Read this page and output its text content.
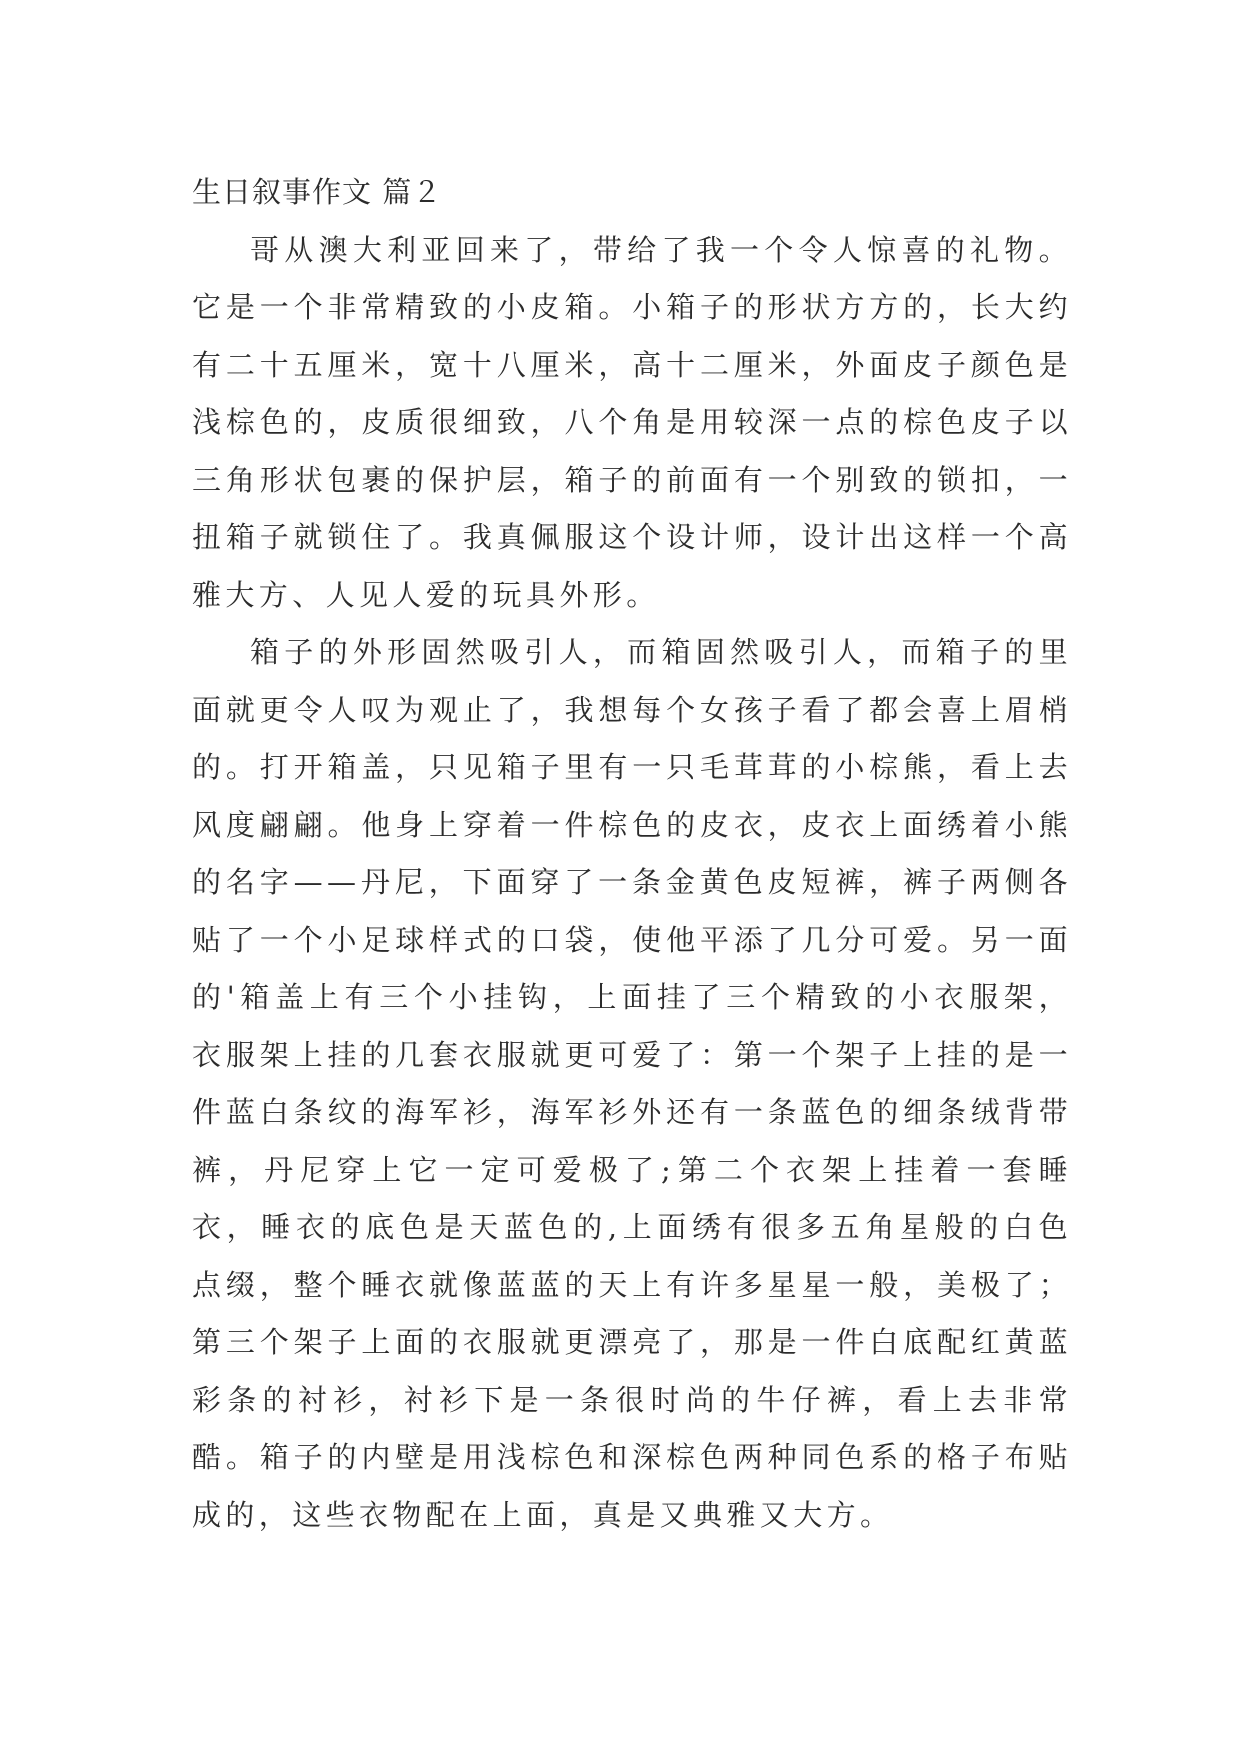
生日叙事作文 篇２

哥从澳大利亚回来了，带给了我一个令人惊喜的礼物。它是一个非常精致的小皮箱。小箱子的形状方方的，长大约有二十五厘米，宽十八厘米，高十二厘米，外面皮子颜色是浅棕色的，皮质很细致，八个角是用较深一点的棕色皮子以三角形状包裹的保护层，箱子的前面有一个别致的锁扣，一扭箱子就锁住了。我真佩服这个设计师，设计出这样一个高雅大方、人见人爱的玩具外形。

箱子的外形固然吸引人，而箱固然吸引人，而箱子的里面就更令人叹为观止了，我想每个女孩子看了都会喜上眉梢的。打开箱盖，只见箱子里有一只毛茸茸的小棕熊，看上去风度翩翩。他身上穿着一件棕色的皮衣，皮衣上面绣着小熊的名字——丹尼，下面穿了一条金黄色皮短裤，裤子两侧各贴了一个小足球样式的口袋，使他平添了几分可爱。另一面的'箱盖上有三个小挂钩，上面挂了三个精致的小衣服架，衣服架上挂的几套衣服就更可爱了：第一个架子上挂的是一件蓝白条纹的海军衫，海军衫外还有一条蓝色的细条绒背带裤，丹尼穿上它一定可爱极了;第二个衣架上挂着一套睡衣，睡衣的底色是天蓝色的,上面绣有很多五角星般的白色点缀，整个睡衣就像蓝蓝的天上有许多星星一般，美极了；第三个架子上面的衣服就更漂亮了，那是一件白底配红黄蓝彩条的衬衫，衬衫下是一条很时尚的牛仔裤，看上去非常酷。箱子的内壁是用浅棕色和深棕色两种同色系的格子布贴成的，这些衣物配在上面，真是又典雅又大方。
